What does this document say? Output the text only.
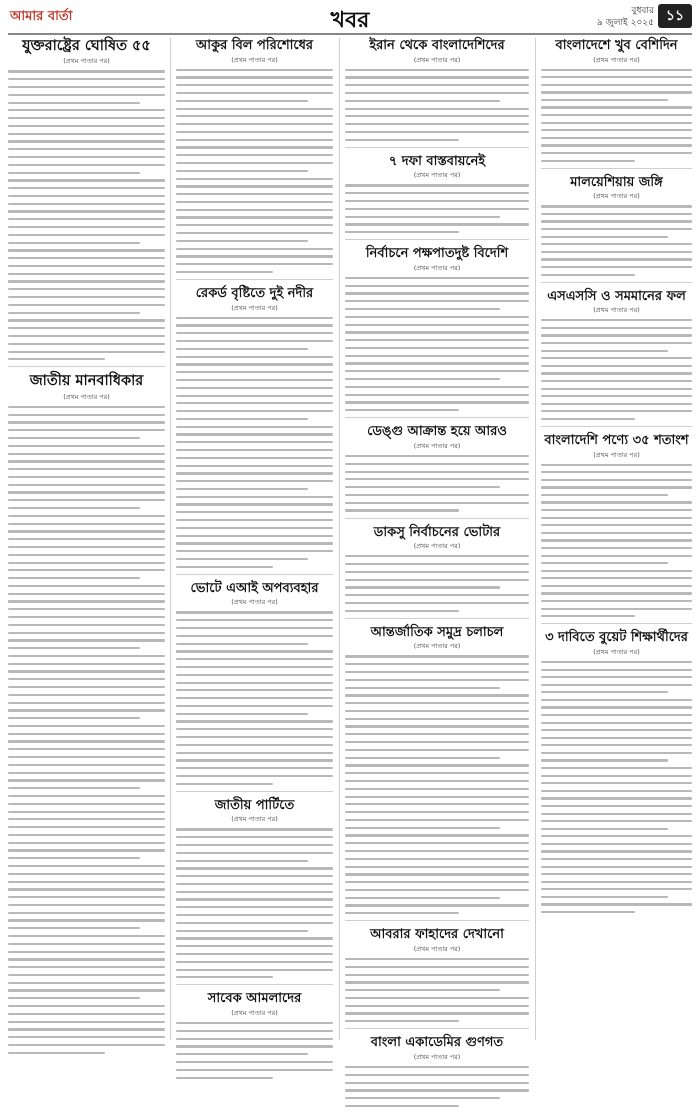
আমার বার্তা	খবর	বুধবার
৯ জুলাই ২০২৫ ১১
যুক্তরাষ্ট্রের ঘোষিত ৫৫
(প্রথম পাতার পর)
জাতীয় মানবাধিকার
(প্রথম পাতার পর)
আকুর বিল পরিশোধের
(প্রথম পাতার পর)
রেকর্ড বৃষ্টিতে দুই নদীর
(প্রথম পাতার পর)
ভোটে এআই অপব্যবহার
(প্রথম পাতার পর)
জাতীয় পার্টিতে
(প্রথম পাতার পর)
সাবেক আমলাদের
(প্রথম পাতার পর)
ইরান থেকে বাংলাদেশিদের
(প্রথম পাতার পর)
৭ দফা বাস্তবায়নেই
(প্রথম পাতার পর)
নির্বাচনে পক্ষপাতদুষ্ট বিদেশি
(প্রথম পাতার পর)
ডেঙ্গু আক্রান্ত হয়ে আরও
(প্রথম পাতার পর)
ডাকসু নির্বাচনের ভোটার
(প্রথম পাতার পর)
আন্তর্জাতিক সমুদ্র চলাচল
(প্রথম পাতার পর)
আবরার ফাহাদের দেখানো
(প্রথম পাতার পর)
বাংলা একাডেমির গুণগত
(প্রথম পাতার পর)
বাংলাদেশে খুব বেশিদিন
(প্রথম পাতার পর)
মালয়েশিয়ায় জঙ্গি
(প্রথম পাতার পর)
এসএসসি ও সমমানের ফল
(প্রথম পাতার পর)
বাংলাদেশি পণ্যে ৩৫ শতাংশ
(প্রথম পাতার পর)
৩ দাবিতে বুয়েট শিক্ষার্থীদের
(প্রথম পাতার পর)
